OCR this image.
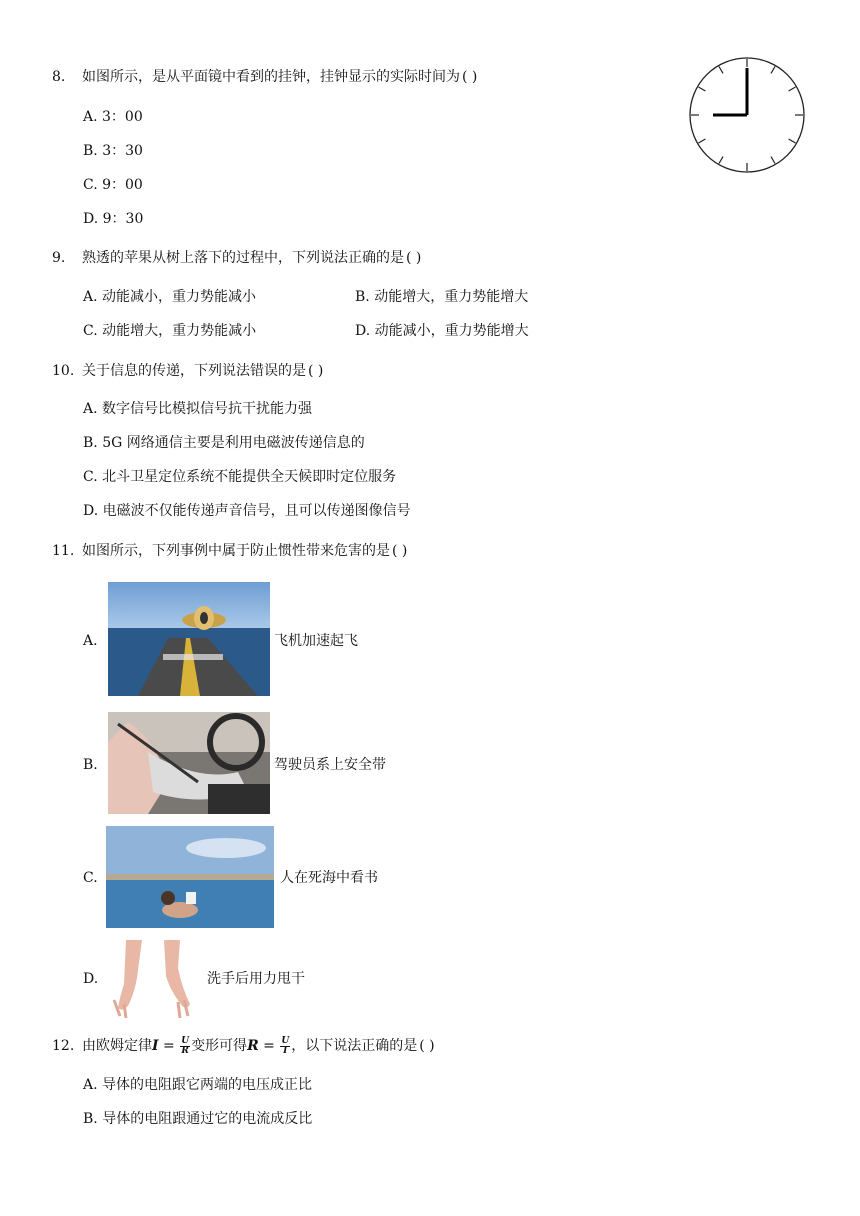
8. 如图所示，是从平面镜中看到的挂钟，挂钟显示的实际时间为 ( )
A. 3：00
B. 3：30
C. 9：00
D. 9：30
9. 熟透的苹果从树上落下的过程中，下列说法正确的是 ( )
A. 动能减小，重力势能减小	B. 动能增大，重力势能增大
C. 动能增大，重力势能减小	D. 动能减小，重力势能增大
10. 关于信息的传递，下列说法错误的是 ( )
A. 数字信号比模拟信号抗干扰能力强
B. 5G 网络通信主要是利用电磁波传递信息的
C. 北斗卫星定位系统不能提供全天候即时定位服务
D. 电磁波不仅能传递声音信号，且可以传递图像信号
11. 如图所示，下列事例中属于防止惯性带来危害的是 ( )
A.	飞机加速起飞
B.	驾驶员系上安全带
C.	人在死海中看书
D.	洗手后用力甩干
12. 由欧姆定律$I = \frac{U}{R}$ 变形可得$R = \frac{U}{I}$ ，以下说法正确的是 ( )
A. 导体的电阻跟它两端的电压成正比
B. 导体的电阻跟通过它的电流成反比
